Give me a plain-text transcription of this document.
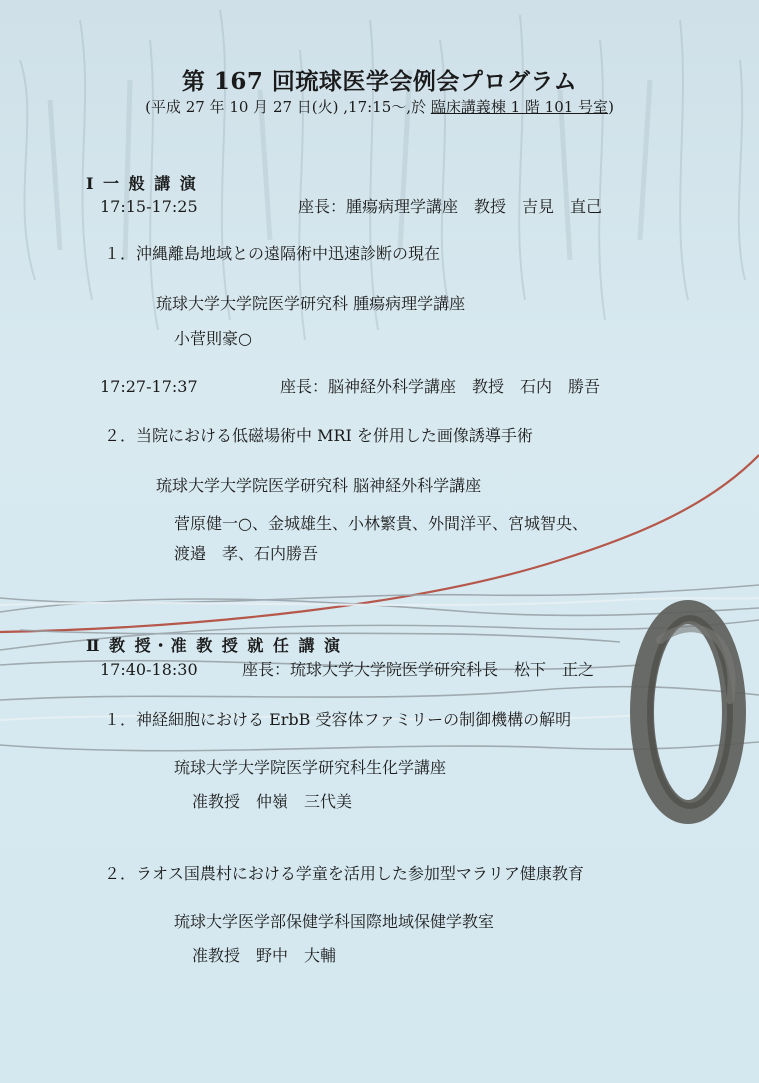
第 167 回琉球医学会例会プログラム
(平成 27 年 10 月 27 日(火) ,17:15～,於 臨床講義棟 1 階 101 号室)
Ⅰ 一 般 講 演
17:15-17:25	座長：腫瘍病理学講座　教授　吉見　直己
１．沖縄離島地域との遠隔術中迅速診断の現在
琉球大学大学院医学研究科 腫瘍病理学講座
小菅則豪○
17:27-17:37	座長：脳神経外科学講座　教授　石内　勝吾
２．当院における低磁場術中 MRI を併用した画像誘導手術
琉球大学大学院医学研究科 脳神経外科学講座
菅原健一○、金城雄生、小林繁貴、外間洋平、宮城智央、
渡邉　孝、石内勝吾
Ⅱ 教 授・准 教 授 就 任 講 演
17:40-18:30	座長：琉球大学大学院医学研究科長　松下　正之
１．神経細胞における ErbB 受容体ファミリーの制御機構の解明
琉球大学大学院医学研究科生化学講座
准教授　仲嶺　三代美
２．ラオス国農村における学童を活用した参加型マラリア健康教育
琉球大学医学部保健学科国際地域保健学教室
准教授　野中　大輔
